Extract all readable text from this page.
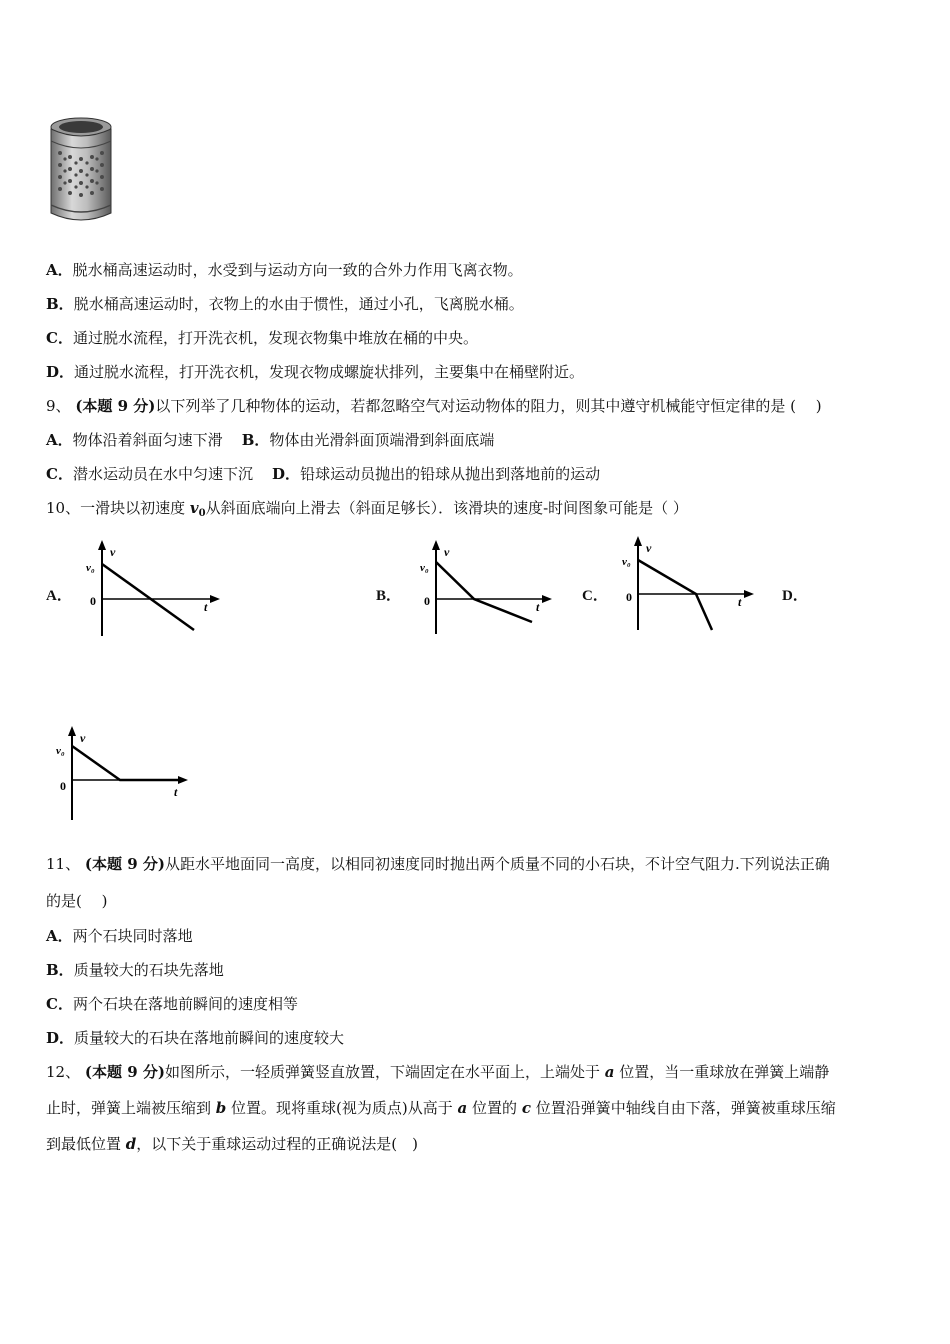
A．脱水桶高速运动时，水受到与运动方向一致的合外力作用飞离衣物。
B．脱水桶高速运动时，衣物上的水由于惯性，通过小孔，飞离脱水桶。
C．通过脱水流程，打开洗衣机，发现衣物集中堆放在桶的中央。
D．通过脱水流程，打开洗衣机，发现衣物成螺旋状排列，主要集中在桶壁附近。
9、 (本题 9 分)以下列举了几种物体的运动，若都忽略空气对运动物体的阻力，则其中遵守机械能守恒定律的是 (　 )
A．物体沿着斜面匀速下滑 B．物体由光滑斜面顶端滑到斜面底端
C．潜水运动员在水中匀速下沉 D．铅球运动员抛出的铅球从抛出到落地前的运动
10、一滑块以初速度 $v_0$从斜面底端向上滑去（斜面足够长）．该滑块的速度-时间图象可能是（ ）
A．	B．	C．	D．
v
v₀
0	t
v
v₀
0	t
v
v₀
0	t
v
v₀
0	t
11、 (本题 9 分)从距水平地面同一高度，以相同初速度同时抛出两个质量不同的小石块，不计空气阻力.下列说法正确
的是(　 )
A．两个石块同时落地
B．质量较大的石块先落地
C．两个石块在落地前瞬间的速度相等
D．质量较大的石块在落地前瞬间的速度较大
12、 (本题 9 分)如图所示，一轻质弹簧竖直放置，下端固定在水平面上，上端处于 a 位置，当一重球放在弹簧上端静
止时，弹簧上端被压缩到 b 位置。现将重球(视为质点)从高于 a 位置的 c 位置沿弹簧中轴线自由下落，弹簧被重球压缩
到最低位置 d，以下关于重球运动过程的正确说法是(　)
